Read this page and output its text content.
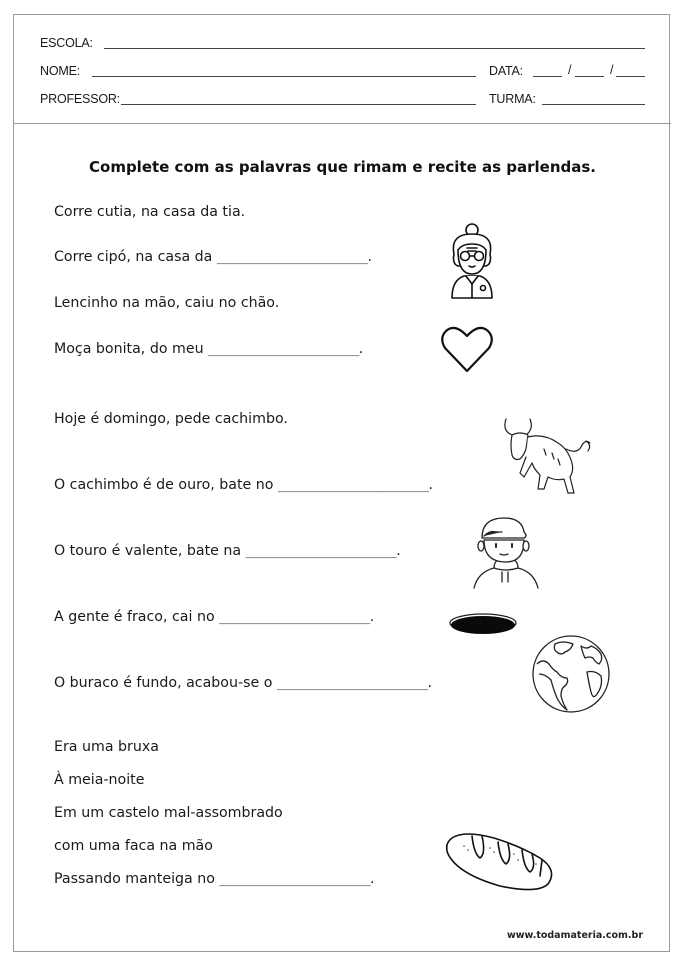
ESCOLA:
NOME:	DATA:	/	/
PROFESSOR:	TURMA:
Complete com as palavras que rimam e recite as parlendas.
Corre cutia, na casa da tia.
Corre cipó, na casa da ____________________.
Lencinho na mão, caiu no chão.
Moça bonita, do meu ____________________.
Hoje é domingo, pede cachimbo.
O cachimbo é de ouro, bate no ____________________.
O touro é valente, bate na ____________________.
A gente é fraco, cai no ____________________.
O buraco é fundo, acabou-se o ____________________.
Era uma bruxa
À meia-noite
Em um castelo mal-assombrado
com uma faca na mão
Passando manteiga no ____________________.
www.todamateria.com.br
